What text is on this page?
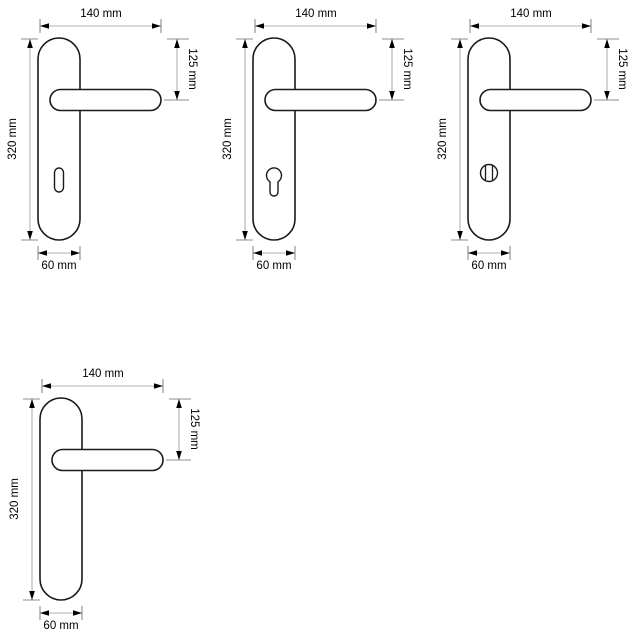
140 mm
320 mm
125 mm
60 mm
140 mm
320 mm
125 mm
60 mm
140 mm
320 mm
125 mm
60 mm
140 mm
320 mm
125 mm
60 mm
